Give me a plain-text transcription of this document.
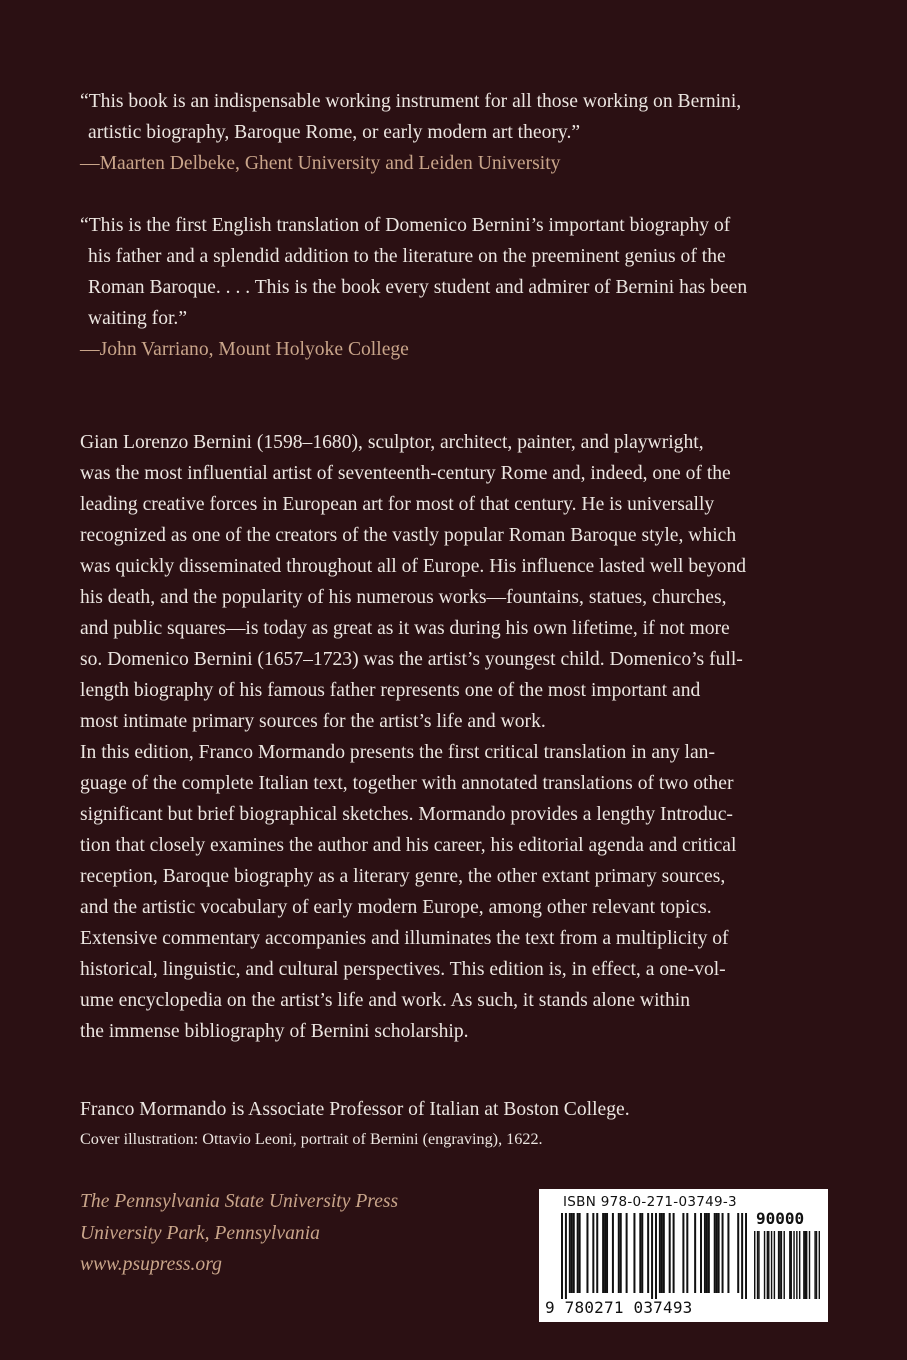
“This book is an indispensable working instrument for all those working on Bernini,
artistic biography, Baroque Rome, or early modern art theory.”
—Maarten Delbeke, Ghent University and Leiden University
“This is the first English translation of Domenico Bernini’s important biography of
his father and a splendid addition to the literature on the preeminent genius of the
Roman Baroque. . . . This is the book every student and admirer of Bernini has been
waiting for.”
—John Varriano, Mount Holyoke College
Gian Lorenzo Bernini (1598–1680), sculptor, architect, painter, and playwright,
was the most influential artist of seventeenth-century Rome and, indeed, one of the
leading creative forces in European art for most of that century. He is universally
recognized as one of the creators of the vastly popular Roman Baroque style, which
was quickly disseminated throughout all of Europe. His influence lasted well beyond
his death, and the popularity of his numerous works—fountains, statues, churches,
and public squares—is today as great as it was during his own lifetime, if not more
so. Domenico Bernini (1657–1723) was the artist’s youngest child. Domenico’s full-
length biography of his famous father represents one of the most important and
most intimate primary sources for the artist’s life and work.
In this edition, Franco Mormando presents the first critical translation in any lan-
guage of the complete Italian text, together with annotated translations of two other
significant but brief biographical sketches. Mormando provides a lengthy Introduc-
tion that closely examines the author and his career, his editorial agenda and critical
reception, Baroque biography as a literary genre, the other extant primary sources,
and the artistic vocabulary of early modern Europe, among other relevant topics.
Extensive commentary accompanies and illuminates the text from a multiplicity of
historical, linguistic, and cultural perspectives. This edition is, in effect, a one-vol-
ume encyclopedia on the artist’s life and work. As such, it stands alone within
the immense bibliography of Bernini scholarship.
Franco Mormando is Associate Professor of Italian at Boston College.
Cover illustration: Ottavio Leoni, portrait of Bernini (engraving), 1622.
The Pennsylvania State University Press
University Park, Pennsylvania
www.psupress.org
ISBN 978-0-271-03749-3
90000
9 780271 037493
